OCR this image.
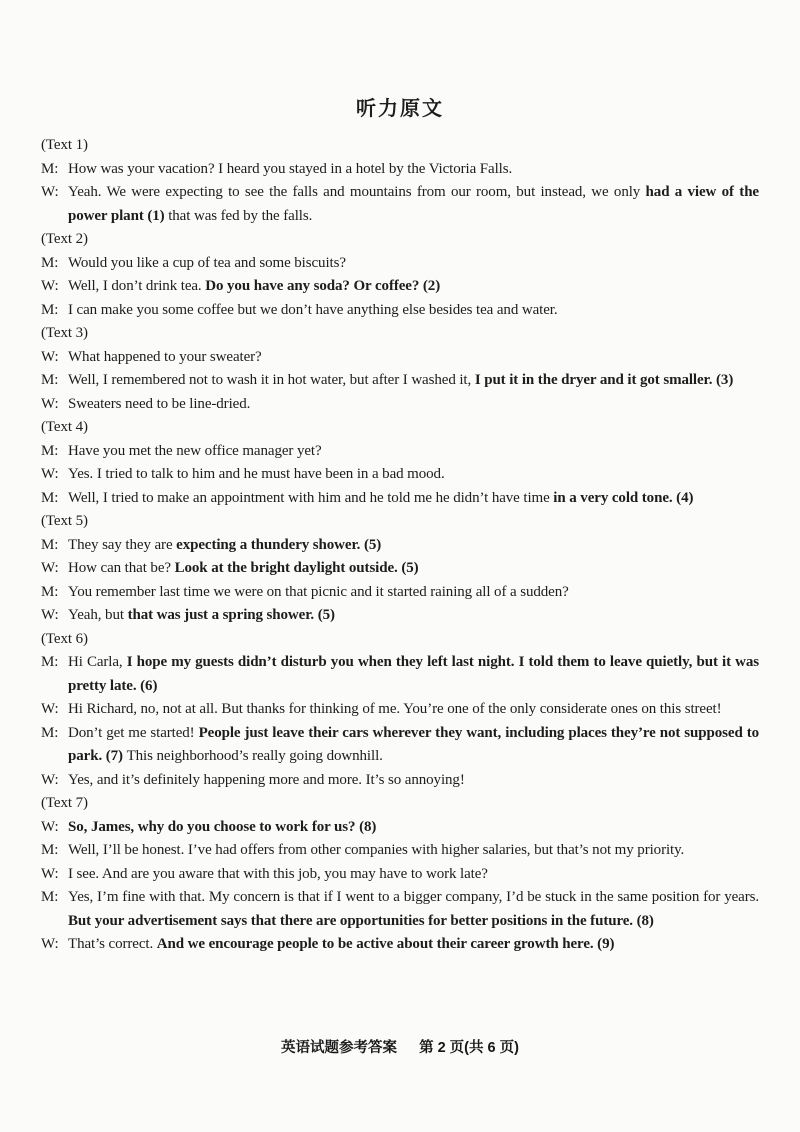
听力原文
(Text 1)
M: How was your vacation? I heard you stayed in a hotel by the Victoria Falls.
W: Yeah. We were expecting to see the falls and mountains from our room, but instead, we only had a view of the power plant (1) that was fed by the falls.
(Text 2)
M: Would you like a cup of tea and some biscuits?
W: Well, I don’t drink tea. Do you have any soda? Or coffee? (2)
M: I can make you some coffee but we don’t have anything else besides tea and water.
(Text 3)
W: What happened to your sweater?
M: Well, I remembered not to wash it in hot water, but after I washed it, I put it in the dryer and it got smaller. (3)
W: Sweaters need to be line-dried.
(Text 4)
M: Have you met the new office manager yet?
W: Yes. I tried to talk to him and he must have been in a bad mood.
M: Well, I tried to make an appointment with him and he told me he didn’t have time in a very cold tone. (4)
(Text 5)
M: They say they are expecting a thundery shower. (5)
W: How can that be? Look at the bright daylight outside. (5)
M: You remember last time we were on that picnic and it started raining all of a sudden?
W: Yeah, but that was just a spring shower. (5)
(Text 6)
M: Hi Carla, I hope my guests didn’t disturb you when they left last night. I told them to leave quietly, but it was pretty late. (6)
W: Hi Richard, no, not at all. But thanks for thinking of me. You’re one of the only considerate ones on this street!
M: Don’t get me started! People just leave their cars wherever they want, including places they’re not supposed to park. (7) This neighborhood’s really going downhill.
W: Yes, and it’s definitely happening more and more. It’s so annoying!
(Text 7)
W: So, James, why do you choose to work for us? (8)
M: Well, I’ll be honest. I’ve had offers from other companies with higher salaries, but that’s not my priority.
W: I see. And are you aware that with this job, you may have to work late?
M: Yes, I’m fine with that. My concern is that if I went to a bigger company, I’d be stuck in the same position for years. But your advertisement says that there are opportunities for better positions in the future. (8)
W: That’s correct. And we encourage people to be active about their career growth here. (9)
英语试题参考答案 第 2 页(共 6 页)
